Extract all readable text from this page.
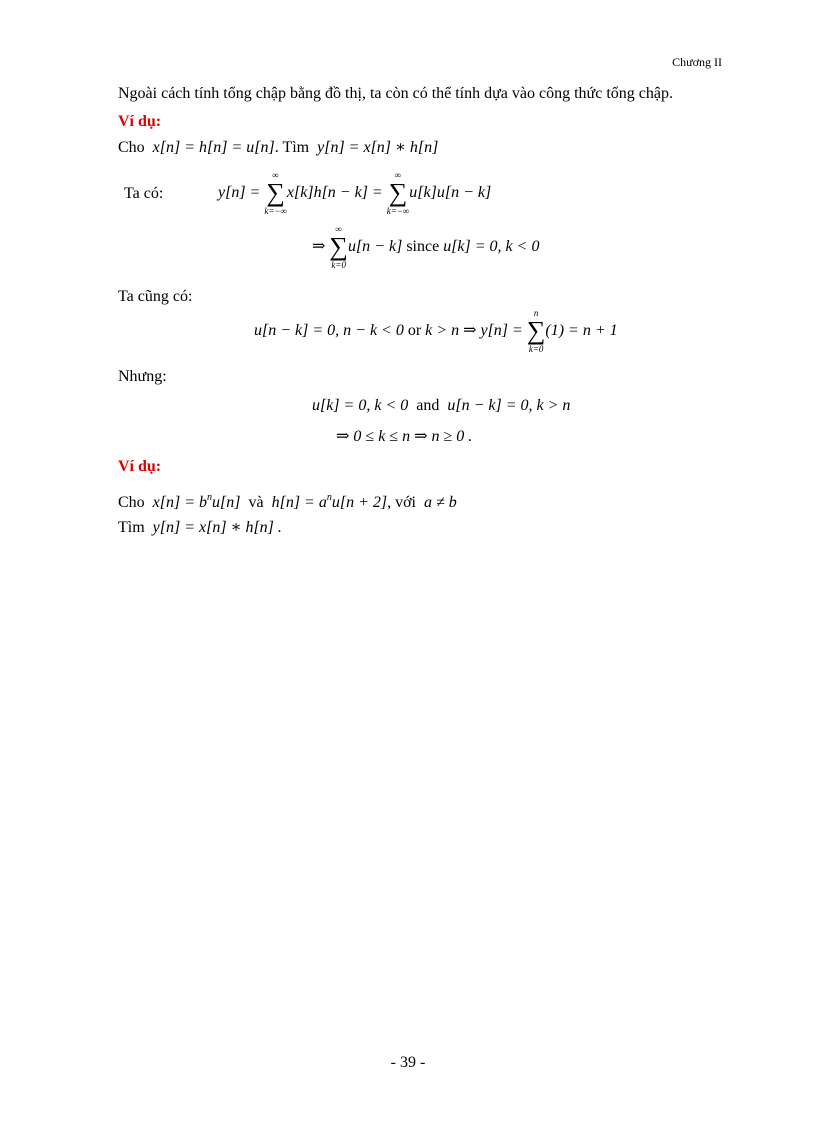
Chương II
Ngoài cách tính tổng chập bằng đồ thị, ta còn có thể tính dựa vào công thức tổng chập.
Ví dụ:
Cho x[n] = h[n] = u[n]. Tìm y[n] = x[n] ∗ h[n]
Ta có:	y[n] =

∞
∑
k=−∞
x[k]h[n − k] =

∞
∑
k=−∞
u[k]u[n − k]
⇒

∞
∑
k=0
u[n − k]
since
u[k] = 0, k < 0
Ta cũng có:
u[n − k] = 0, n − k < 0
or
k > n ⇒ y[n] =

n
∑
k=0
(1) = n + 1
Nhưng:
u[k] = 0, k < 0 and u[n − k] = 0, k > n
⇒ 0 ≤ k ≤ n ⇒ n ≥ 0 .
Ví dụ:
Cho $x[n] = b^nu[n]$ và $h[n] = a^nu[n + 2]$, với a ≠ b
Tìm y[n] = x[n] ∗ h[n] .
- 39 -
